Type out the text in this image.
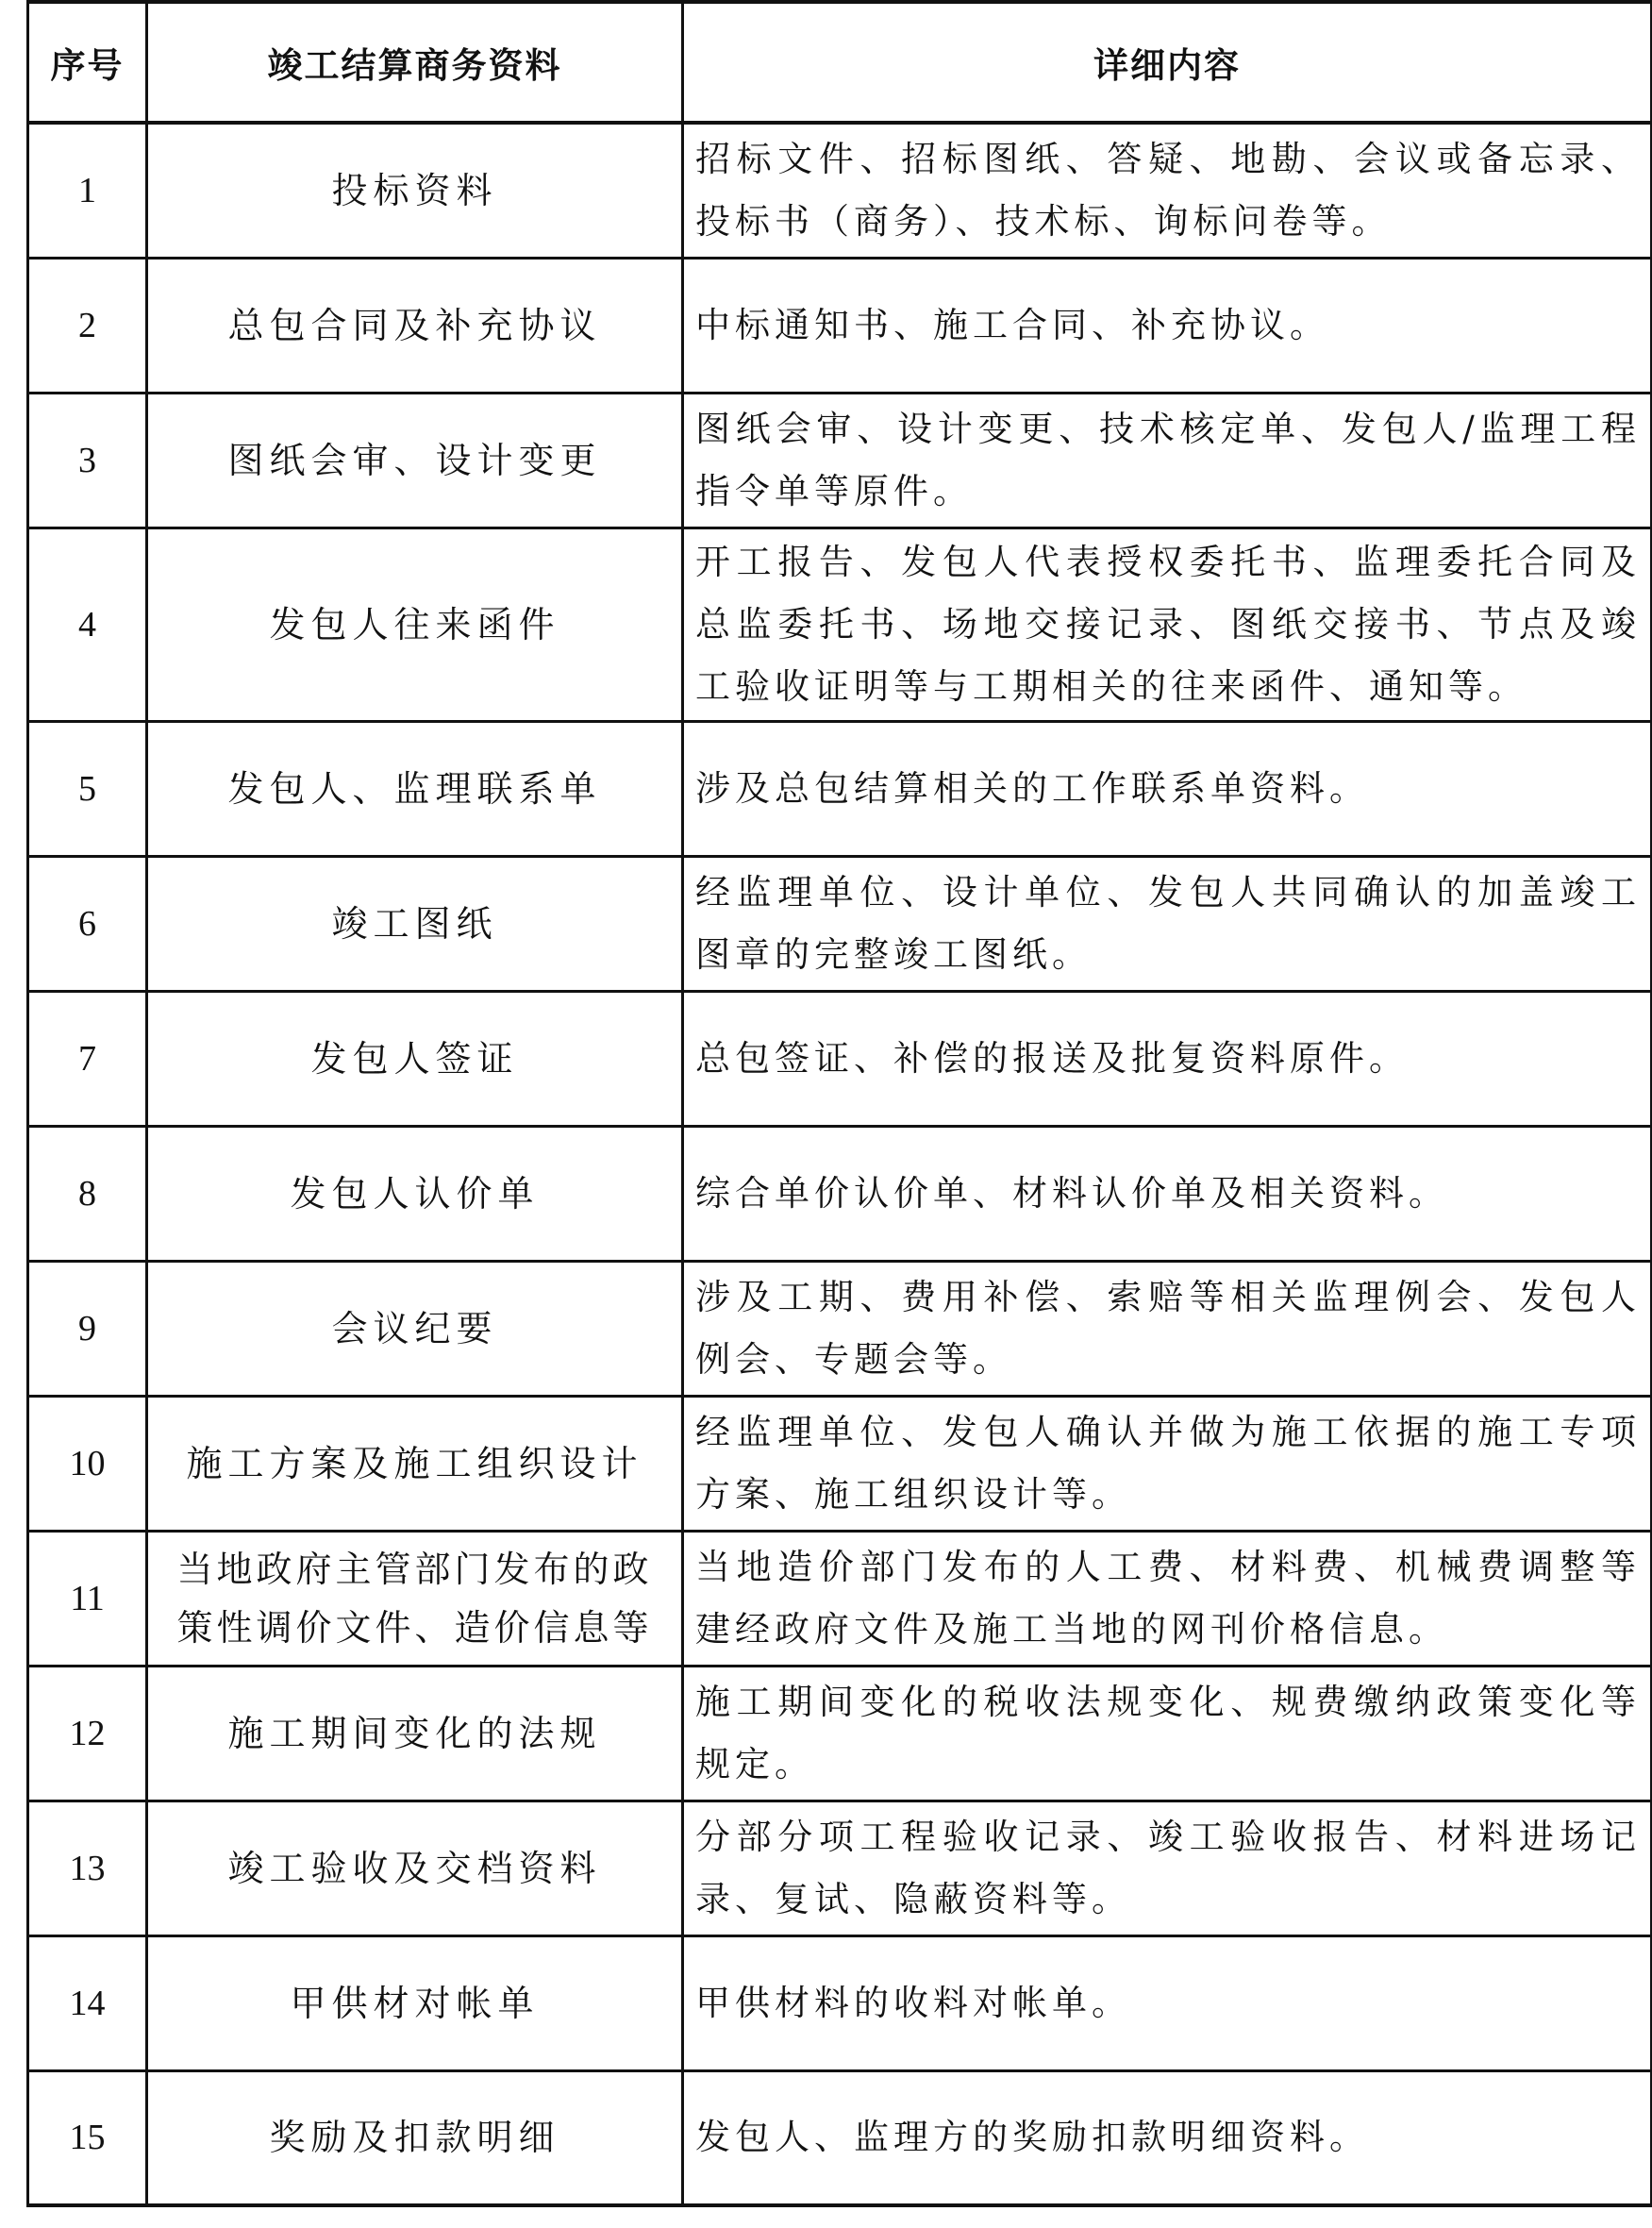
序号	竣工结算商务资料	详细内容
1	投标资料	招标文件、招标图纸、答疑、地勘、会议或备忘录、投标书（商务）、技术标、询标问卷等。
2	总包合同及补充协议	中标通知书、施工合同、补充协议。
3	图纸会审、设计变更	图纸会审、设计变更、技术核定单、发包人/监理工程指令单等原件。
4	发包人往来函件	开工报告、发包人代表授权委托书、监理委托合同及总监委托书、场地交接记录、图纸交接书、节点及竣工验收证明等与工期相关的往来函件、通知等。
5	发包人、监理联系单	涉及总包结算相关的工作联系单资料。
6	竣工图纸	经监理单位、设计单位、发包人共同确认的加盖竣工图章的完整竣工图纸。
7	发包人签证	总包签证、补偿的报送及批复资料原件。
8	发包人认价单	综合单价认价单、材料认价单及相关资料。
9	会议纪要	涉及工期、费用补偿、索赔等相关监理例会、发包人例会、专题会等。
10	施工方案及施工组织设计	经监理单位、发包人确认并做为施工依据的施工专项方案、施工组织设计等。
11	当地政府主管部门发布的政策性调价文件、造价信息等	当地造价部门发布的人工费、材料费、机械费调整等建经政府文件及施工当地的网刊价格信息。
12	施工期间变化的法规	施工期间变化的税收法规变化、规费缴纳政策变化等规定。
13	竣工验收及交档资料	分部分项工程验收记录、竣工验收报告、材料进场记录、复试、隐蔽资料等。
14	甲供材对帐单	甲供材料的收料对帐单。
15	奖励及扣款明细	发包人、监理方的奖励扣款明细资料。
